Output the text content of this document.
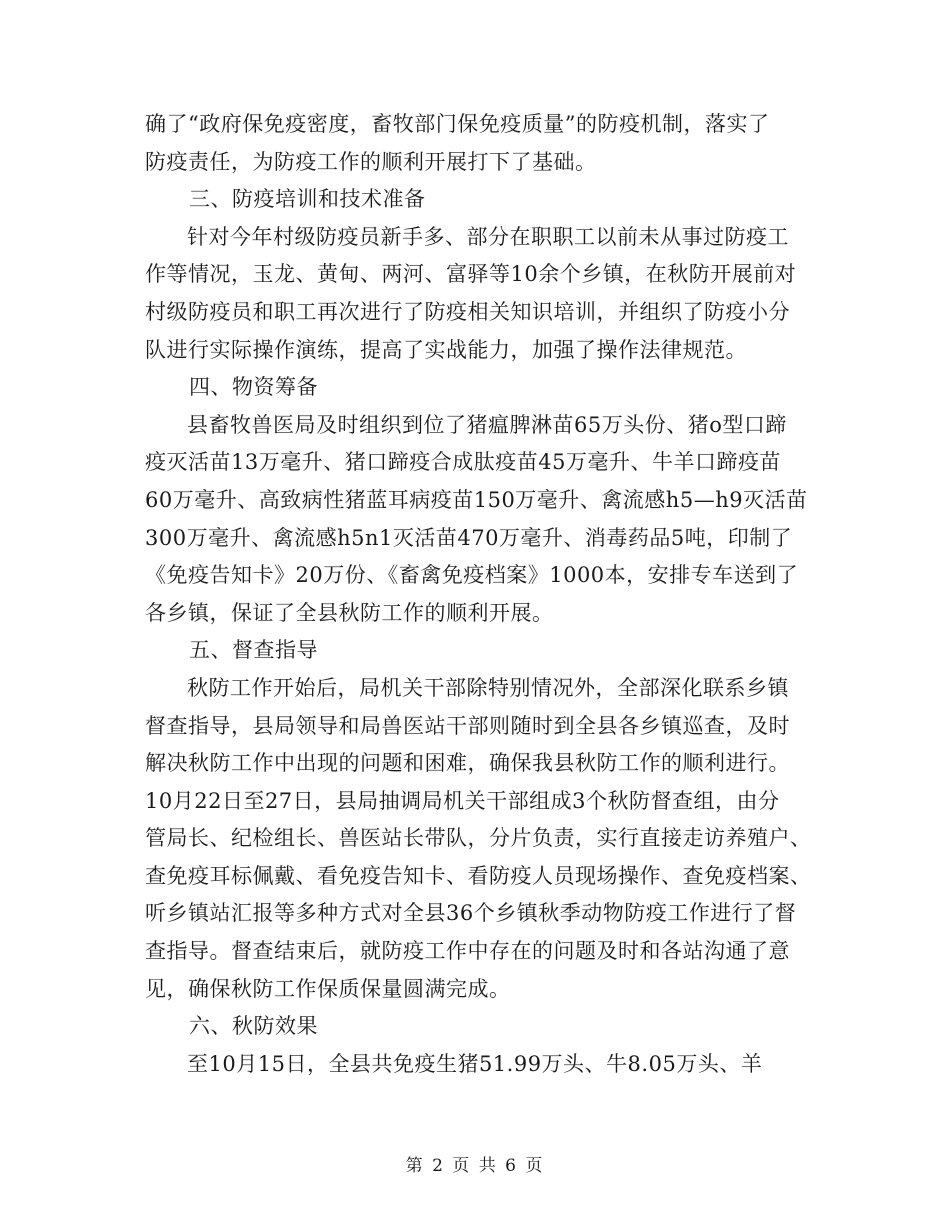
确了“政府保免疫密度，畜牧部门保免疫质量”的防疫机制，落实了
防疫责任，为防疫工作的顺利开展打下了基础。
三、防疫培训和技术准备
针对今年村级防疫员新手多、部分在职职工以前未从事过防疫工
作等情况，玉龙、黄甸、两河、富驿等10余个乡镇，在秋防开展前对
村级防疫员和职工再次进行了防疫相关知识培训，并组织了防疫小分
队进行实际操作演练，提高了实战能力，加强了操作法律规范。
四、物资筹备
县畜牧兽医局及时组织到位了猪瘟脾淋苗65万头份、猪o型口蹄
疫灭活苗13万毫升、猪口蹄疫合成肽疫苗45万毫升、牛羊口蹄疫苗
60万毫升、高致病性猪蓝耳病疫苗150万毫升、禽流感h5—h9灭活苗
300万毫升、禽流感h5n1灭活苗470万毫升、消毒药品5吨，印制了
《免疫告知卡》20万份、《畜禽免疫档案》1000本，安排专车送到了
各乡镇，保证了全县秋防工作的顺利开展。
五、督查指导
秋防工作开始后，局机关干部除特别情况外，全部深化联系乡镇
督查指导，县局领导和局兽医站干部则随时到全县各乡镇巡查，及时
解决秋防工作中出现的问题和困难，确保我县秋防工作的顺利进行。
10月22日至27日，县局抽调局机关干部组成3个秋防督查组，由分
管局长、纪检组长、兽医站长带队，分片负责，实行直接走访养殖户、
查免疫耳标佩戴、看免疫告知卡、看防疫人员现场操作、查免疫档案、
听乡镇站汇报等多种方式对全县36个乡镇秋季动物防疫工作进行了督
查指导。督查结束后，就防疫工作中存在的问题及时和各站沟通了意
见，确保秋防工作保质保量圆满完成。
六、秋防效果
至10月15日，全县共免疫生猪51.99万头、牛8.05万头、羊
第 2 页 共 6 页
